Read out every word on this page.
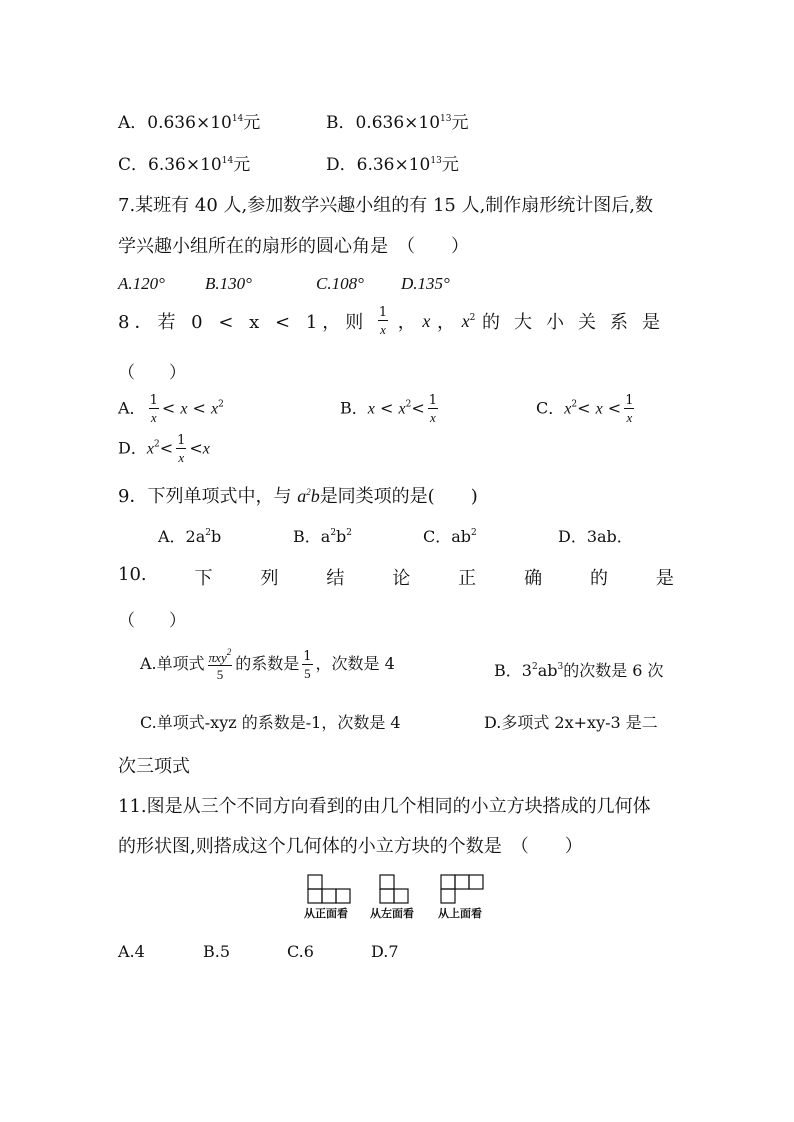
A．$0.636\times 10^{14}$元	B．$0.636\times 10^{13}$元
C．$6.36\times 10^{14}$元	D．$6.36\times 10^{13}$元
7.某班有 40 人,参加数学兴趣小组的有 15 人,制作扇形统计图后,数
学兴趣小组所在的扇形的圆心角是　（　　）
A.120° B.130°	C.108° D.135°
8．若 0 < x < 1，则 $\frac{1}{x}$ ， x ， $x^2$ 的大小关系是
（　　）
A． $\frac{1}{x} < x < x^2$	B．$x < x^2< \frac{1}{x}$	C．$x^2< x < \frac{1}{x}$
D．$x^2< \frac{1}{x} <x$
9．下列单项式中，与 $a^2b$是同类项的是(　　)
A．$2a^2b$	B．$a^2b^2$	C．$ab^2$	D．3ab．
10.	下	列	结	论	正	确	的	是
（　　）
A.单项式 $\frac{\pi xy^2}{5}$ 的系数是 $\frac{1}{5}$ ，次数是 4	B．$3^2ab^3$的次数是 6 次
C.单项式-xyz 的系数是-1，次数是 4	D.多项式 2x+xy-3 是二
次三项式
11.图是从三个不同方向看到的由几个相同的小立方块搭成的几何体
的形状图,则搭成这个几何体的小立方块的个数是　（　　）
从正面看 从左面看 从上面看
A.4	B.5	C.6	D.7
